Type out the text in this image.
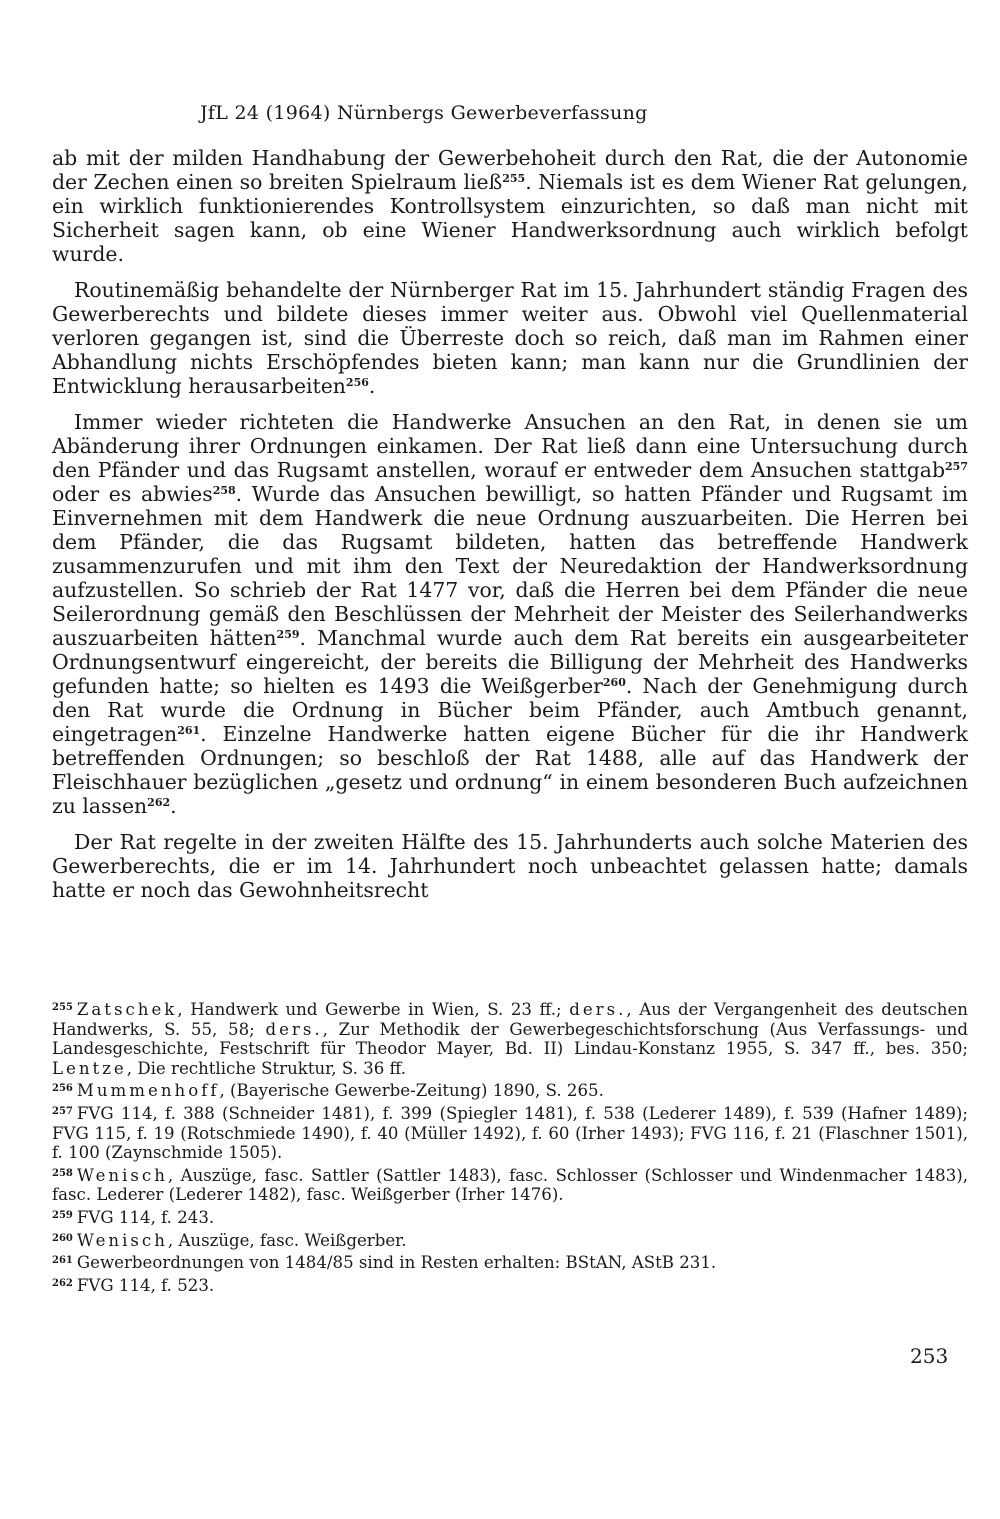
JfL 24 (1964) Nürnbergs Gewerbeverfassung

ab mit der milden Handhabung der Gewerbehoheit durch den Rat, die der Autonomie der Zechen einen so breiten Spielraum ließ$^{255}$. Niemals ist es dem Wiener Rat gelungen, ein wirklich funktionierendes Kontrollsystem einzurichten, so daß man nicht mit Sicherheit sagen kann, ob eine Wiener Handwerksordnung auch wirklich befolgt wurde.

Routinemäßig behandelte der Nürnberger Rat im 15. Jahrhundert ständig Fragen des Gewerberechts und bildete dieses immer weiter aus. Obwohl viel Quellenmaterial verloren gegangen ist, sind die Überreste doch so reich, daß man im Rahmen einer Abhandlung nichts Erschöpfendes bieten kann; man kann nur die Grundlinien der Entwicklung herausarbeiten$^{256}$.

Immer wieder richteten die Handwerke Ansuchen an den Rat, in denen sie um Abänderung ihrer Ordnungen einkamen. Der Rat ließ dann eine Untersuchung durch den Pfänder und das Rugsamt anstellen, worauf er entweder dem Ansuchen stattgab$^{257}$ oder es abwies$^{258}$. Wurde das Ansuchen bewilligt, so hatten Pfänder und Rugsamt im Einvernehmen mit dem Handwerk die neue Ordnung auszuarbeiten. Die Herren bei dem Pfänder, die das Rugsamt bildeten, hatten das betreffende Handwerk zusammenzurufen und mit ihm den Text der Neuredaktion der Handwerksordnung aufzustellen. So schrieb der Rat 1477 vor, daß die Herren bei dem Pfänder die neue Seilerordnung gemäß den Beschlüssen der Mehrheit der Meister des Seilerhandwerks auszuarbeiten hätten$^{259}$. Manchmal wurde auch dem Rat bereits ein ausgearbeiteter Ordnungsentwurf eingereicht, der bereits die Billigung der Mehrheit des Handwerks gefunden hatte; so hielten es 1493 die Weißgerber$^{260}$. Nach der Genehmigung durch den Rat wurde die Ordnung in Bücher beim Pfänder, auch Amtbuch genannt, eingetragen$^{261}$. Einzelne Handwerke hatten eigene Bücher für die ihr Handwerk betreffenden Ordnungen; so beschloß der Rat 1488, alle auf das Handwerk der Fleischhauer bezüglichen „gesetz und ordnung“ in einem besonderen Buch aufzeichnen zu lassen$^{262}$.

Der Rat regelte in der zweiten Hälfte des 15. Jahrhunderts auch solche Materien des Gewerberechts, die er im 14. Jahrhundert noch unbeachtet gelassen hatte; damals hatte er noch das Gewohnheitsrecht

$^{255}$ Zatschek, Handwerk und Gewerbe in Wien, S. 23 ff.; ders., Aus der Vergangenheit des deutschen Handwerks, S. 55, 58; ders., Zur Methodik der Gewerbegeschichtsforschung (Aus Verfassungs- und Landesgeschichte, Festschrift für Theodor Mayer, Bd. II) Lindau-Konstanz 1955, S. 347 ff., bes. 350; Lentze, Die rechtliche Struktur, S. 36 ff.
$^{256}$ Mummenhoff, (Bayerische Gewerbe-Zeitung) 1890, S. 265.
$^{257}$ FVG 114, f. 388 (Schneider 1481), f. 399 (Spiegler 1481), f. 538 (Lederer 1489), f. 539 (Hafner 1489); FVG 115, f. 19 (Rotschmiede 1490), f. 40 (Müller 1492), f. 60 (Irher 1493); FVG 116, f. 21 (Flaschner 1501), f. 100 (Zaynschmide 1505).
$^{258}$ Wenisch, Auszüge, fasc. Sattler (Sattler 1483), fasc. Schlosser (Schlosser und Windenmacher 1483), fasc. Lederer (Lederer 1482), fasc. Weißgerber (Irher 1476).
$^{259}$ FVG 114, f. 243.
$^{260}$ Wenisch, Auszüge, fasc. Weißgerber.
$^{261}$ Gewerbeordnungen von 1484/85 sind in Resten erhalten: BStAN, AStB 231.
$^{262}$ FVG 114, f. 523.
253
